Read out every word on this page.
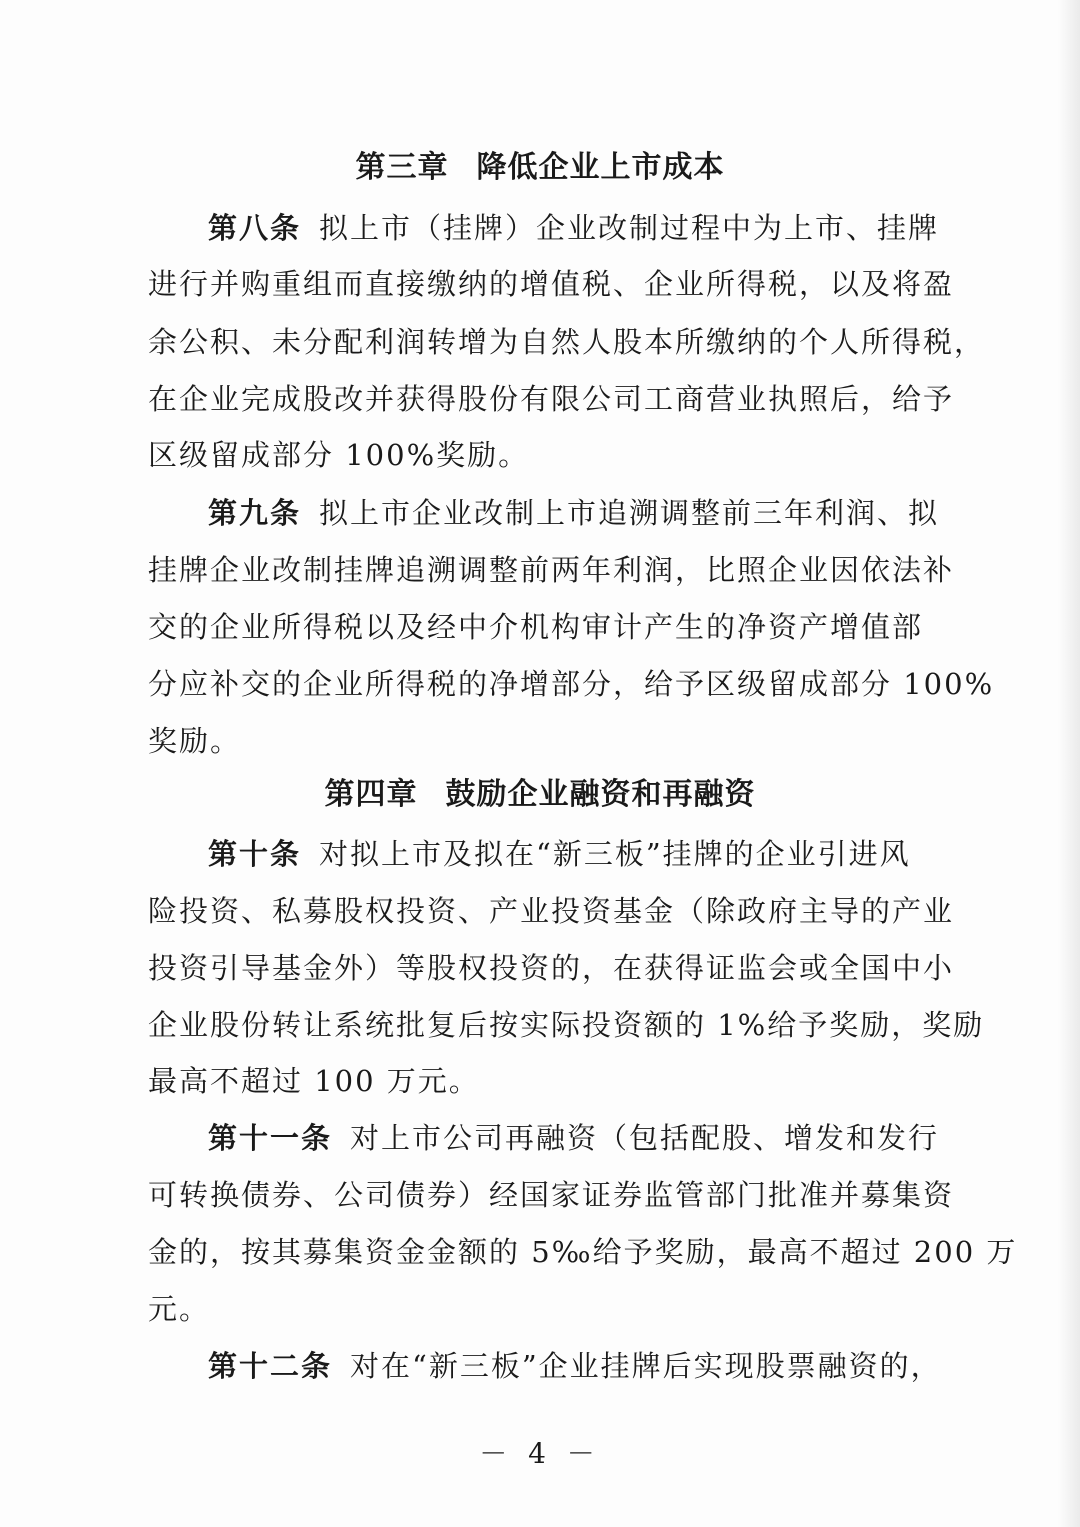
第三章 降低企业上市成本
第八条 拟上市（挂牌）企业改制过程中为上市、挂牌
进行并购重组而直接缴纳的增值税、企业所得税，以及将盈
余公积、未分配利润转增为自然人股本所缴纳的个人所得税，
在企业完成股改并获得股份有限公司工商营业执照后，给予
区级留成部分 100%奖励。
第九条 拟上市企业改制上市追溯调整前三年利润、拟
挂牌企业改制挂牌追溯调整前两年利润，比照企业因依法补
交的企业所得税以及经中介机构审计产生的净资产增值部
分应补交的企业所得税的净增部分，给予区级留成部分 100%
奖励。
第四章 鼓励企业融资和再融资
第十条 对拟上市及拟在“新三板”挂牌的企业引进风
险投资、私募股权投资、产业投资基金（除政府主导的产业
投资引导基金外）等股权投资的，在获得证监会或全国中小
企业股份转让系统批复后按实际投资额的 1%给予奖励，奖励
最高不超过 100 万元。
第十一条 对上市公司再融资（包括配股、增发和发行
可转换债券、公司债券）经国家证券监管部门批准并募集资
金的，按其募集资金金额的 5‰给予奖励，最高不超过 200 万
元。
第十二条 对在“新三板”企业挂牌后实现股票融资的，
－ 4 －
